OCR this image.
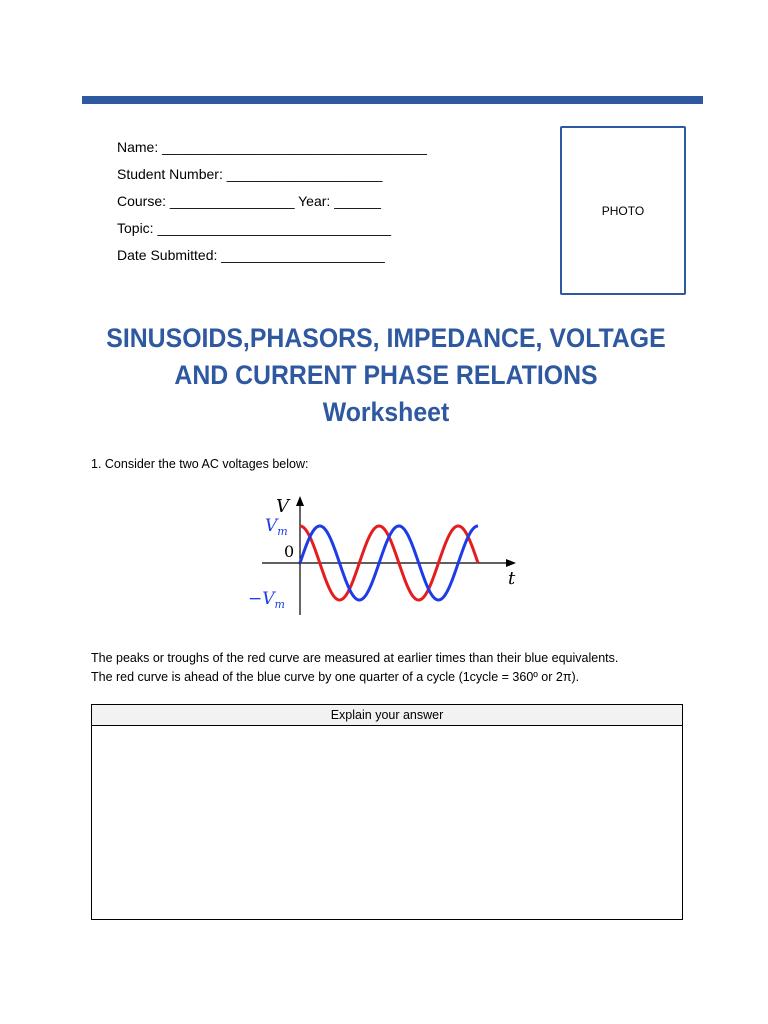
Name: __________________________________
Student Number: ____________________
Course: ________________ Year: ______
Topic: ______________________________
Date Submitted: _____________________
PHOTO
SINUSOIDS,PHASORS, IMPEDANCE, VOLTAGE
AND CURRENT PHASE RELATIONS
Worksheet
1. Consider the two AC voltages below:
V
$V_m$
0
$-V_m$
t
The peaks or troughs of the red curve are measured at earlier times than their blue equivalents.
The red curve is ahead of the blue curve by one quarter of a cycle (1cycle = 360º or 2π).
Explain your answer
